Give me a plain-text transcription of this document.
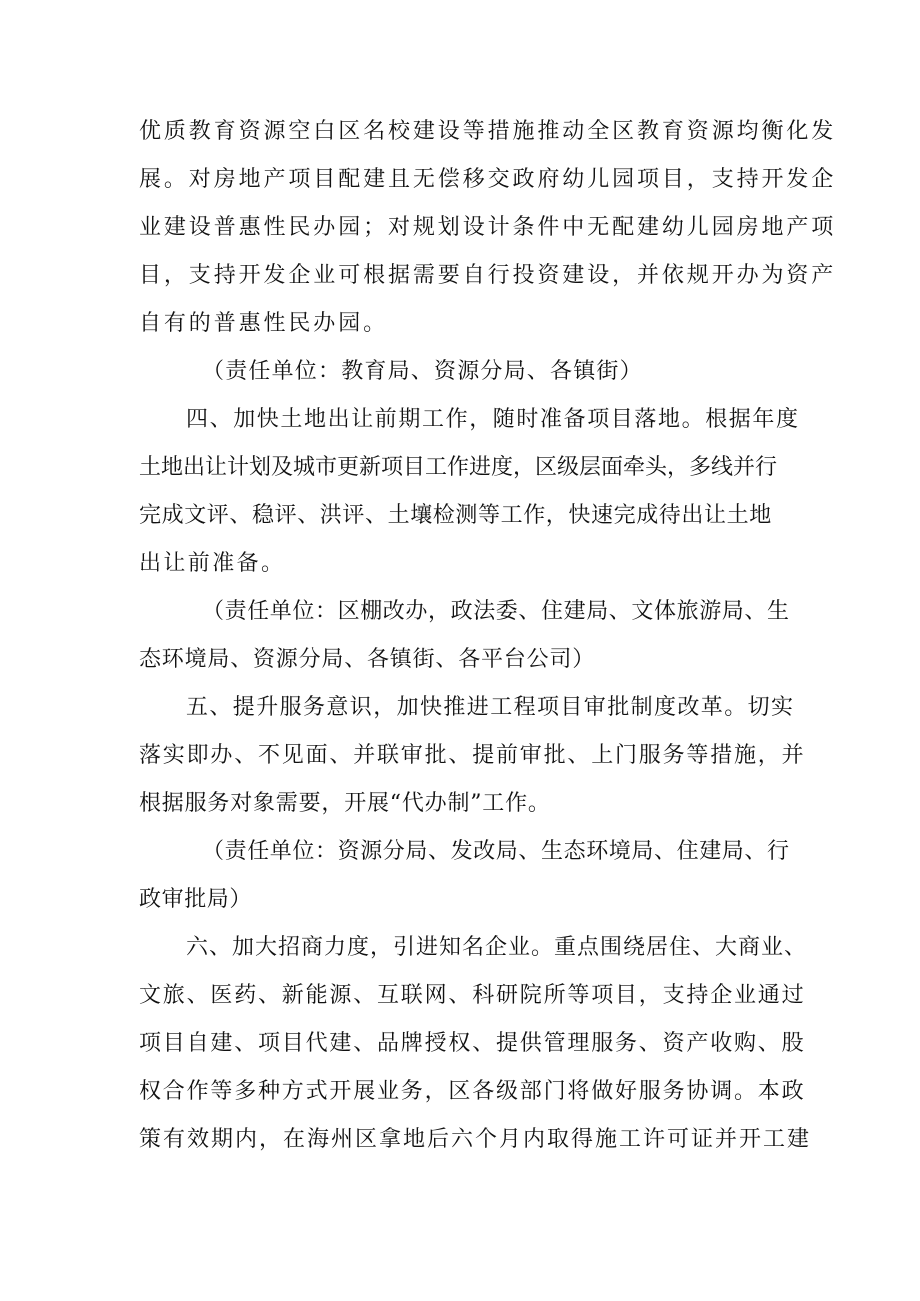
优质教育资源空白区名校建设等措施推动全区教育资源均衡化发
展。对房地产项目配建且无偿移交政府幼儿园项目，支持开发企
业建设普惠性民办园；对规划设计条件中无配建幼儿园房地产项
目，支持开发企业可根据需要自行投资建设，并依规开办为资产
自有的普惠性民办园。
（责任单位：教育局、资源分局、各镇街）
四、加快土地出让前期工作，随时准备项目落地。根据年度
土地出让计划及城市更新项目工作进度，区级层面牵头，多线并行
完成文评、稳评、洪评、土壤检测等工作，快速完成待出让土地
出让前准备。
（责任单位：区棚改办，政法委、住建局、文体旅游局、生
态环境局、资源分局、各镇街、各平台公司）
五、提升服务意识，加快推进工程项目审批制度改革。切实
落实即办、不见面、并联审批、提前审批、上门服务等措施，并
根据服务对象需要，开展“代办制”工作。
（责任单位：资源分局、发改局、生态环境局、住建局、行
政审批局）
六、加大招商力度，引进知名企业。重点围绕居住、大商业、
文旅、医药、新能源、互联网、科研院所等项目，支持企业通过
项目自建、项目代建、品牌授权、提供管理服务、资产收购、股
权合作等多种方式开展业务，区各级部门将做好服务协调。本政
策有效期内，在海州区拿地后六个月内取得施工许可证并开工建
